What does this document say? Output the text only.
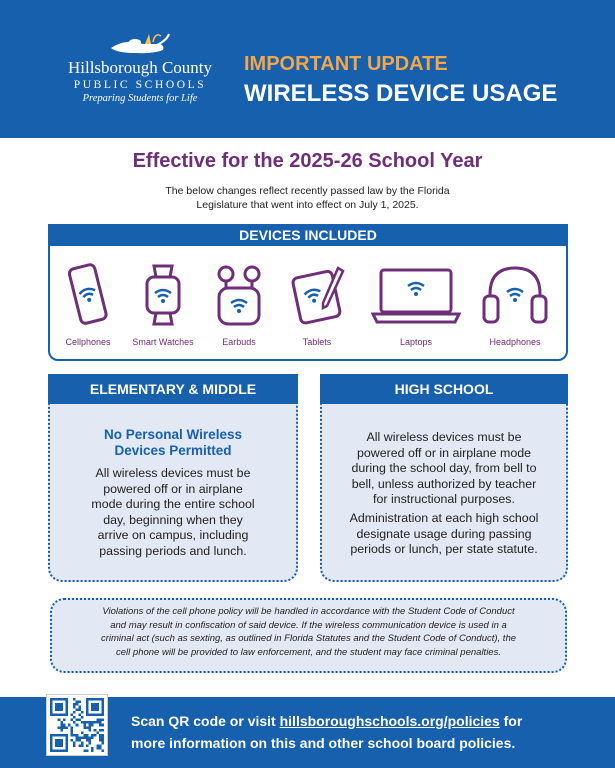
Hillsborough County
PUBLIC SCHOOLS
Preparing Students for Life
IMPORTANT UPDATE
WIRELESS DEVICE USAGE
Effective for the 2025-26 School Year
The below changes reflect recently passed law by the Florida
Legislature that went into effect on July 1, 2025.
DEVICES INCLUDED
Cellphones	Smart Watches	Earbuds	Tablets	Laptops	Headphones
ELEMENTARY & MIDDLE
No Personal Wireless
Devices Permitted
All wireless devices must be
powered off or in airplane
mode during the entire school
day, beginning when they
arrive on campus, including
passing periods and lunch.
HIGH SCHOOL
All wireless devices must be
powered off or in airplane mode
during the school day, from bell to
bell, unless authorized by teacher
for instructional purposes.
Administration at each high school
designate usage during passing
periods or lunch, per state statute.
Violations of the cell phone policy will be handled in accordance with the Student Code of Conduct
and may result in confiscation of said device. If the wireless communication device is used in a
criminal act (such as sexting, as outlined in Florida Statutes and the Student Code of Conduct), the
cell phone will be provided to law enforcement, and the student may face criminal penalties.
Scan QR code or visit hillsboroughschools.org/policies for
more information on this and other school board policies.
